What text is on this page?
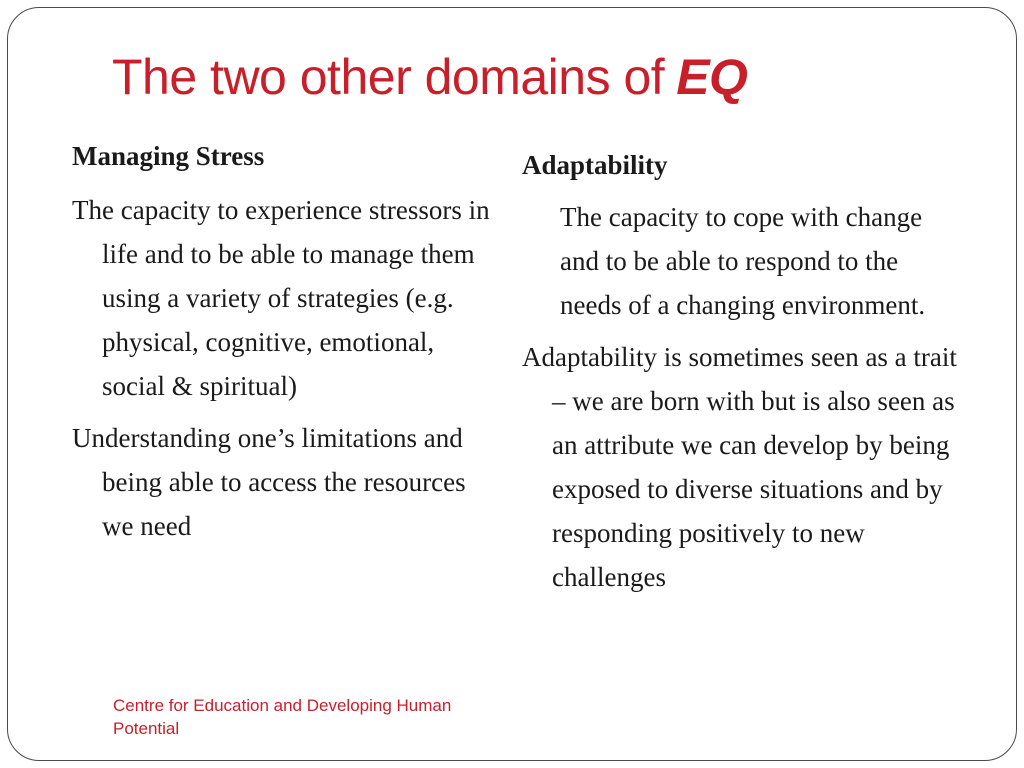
The two other domains of EQ
Managing Stress

The capacity to experience stressors in life and to be able to manage them using a variety of strategies (e.g. physical, cognitive, emotional, social & spiritual)

Understanding one’s limitations and being able to access the resources we need

Adaptability

The capacity to cope with change and to be able to respond to the needs of a changing environment.

Adaptability is sometimes seen as a trait – we are born with but is also seen as an attribute we can develop by being exposed to diverse situations and by responding positively to new challenges

Centre for Education and Developing Human Potential
